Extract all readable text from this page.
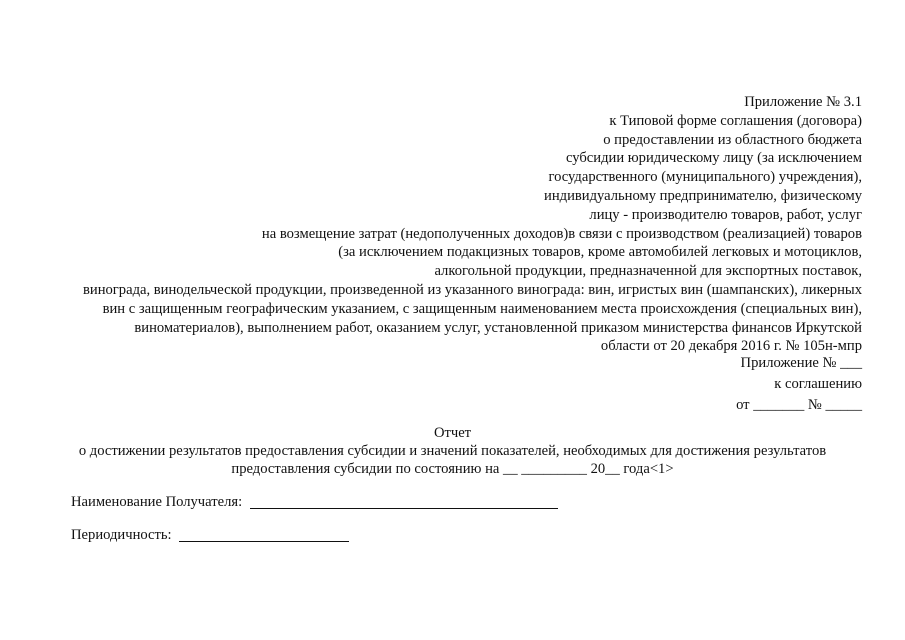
Приложение № 3.1
к Типовой форме соглашения (договора)
о предоставлении из областного бюджета
субсидии юридическому лицу (за исключением
государственного (муниципального) учреждения),
индивидуальному предпринимателю, физическому
лицу - производителю товаров, работ, услуг
на возмещение затрат (недополученных доходов)в связи с производством (реализацией) товаров
(за исключением подакцизных товаров, кроме автомобилей легковых и мотоциклов,
алкогольной продукции, предназначенной для экспортных поставок,
винограда, винодельческой продукции, произведенной из указанного винограда: вин, игристых вин (шампанских), ликерных
вин с защищенным географическим указанием, с защищенным наименованием места происхождения (специальных вин),
виноматериалов), выполнением работ, оказанием услуг, установленной приказом министерства финансов Иркутской
области от 20 декабря 2016 г. № 105н-мпр
Приложение № ___
к соглашению
от _______ № _____
Отчет
о достижении результатов предоставления субсидии и значений показателей, необходимых для достижения результатов
предоставления субсидии по состоянию на __ _________ 20__ года<1>
Наименование Получателя:
Периодичность:
